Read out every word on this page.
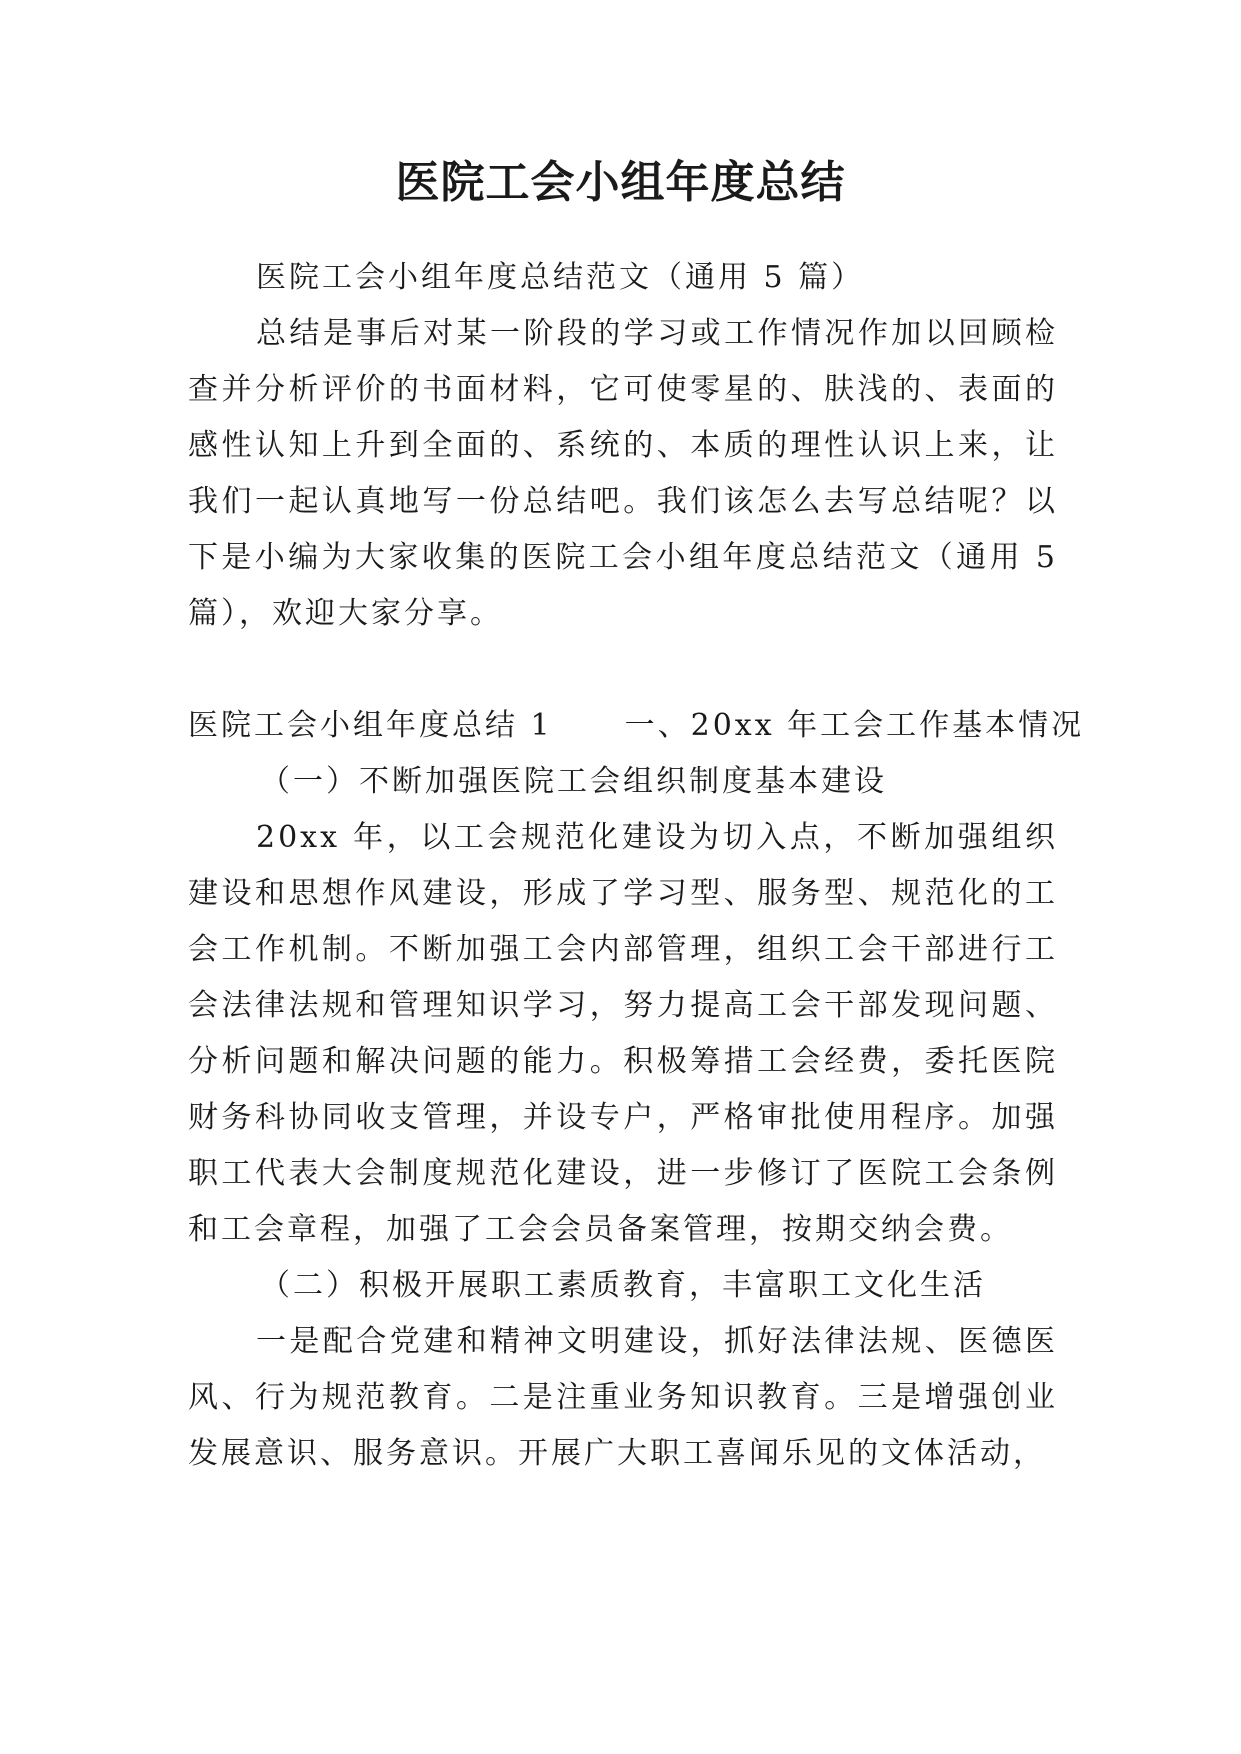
医院工会小组年度总结

医院工会小组年度总结范文（通用 5 篇）

总结是事后对某一阶段的学习或工作情况作加以回顾检查并分析评价的书面材料，它可使零星的、肤浅的、表面的感性认知上升到全面的、系统的、本质的理性认识上来，让我们一起认真地写一份总结吧。我们该怎么去写总结呢？以下是小编为大家收集的医院工会小组年度总结范文（通用 5 篇），欢迎大家分享。

医院工会小组年度总结 1 一、20xx 年工会工作基本情况

（一）不断加强医院工会组织制度基本建设

20xx 年，以工会规范化建设为切入点，不断加强组织建设和思想作风建设，形成了学习型、服务型、规范化的工会工作机制。不断加强工会内部管理，组织工会干部进行工会法律法规和管理知识学习，努力提高工会干部发现问题、分析问题和解决问题的能力。积极筹措工会经费，委托医院财务科协同收支管理，并设专户，严格审批使用程序。加强职工代表大会制度规范化建设，进一步修订了医院工会条例和工会章程，加强了工会会员备案管理，按期交纳会费。

（二）积极开展职工素质教育，丰富职工文化生活

一是配合党建和精神文明建设，抓好法律法规、医德医风、行为规范教育。二是注重业务知识教育。三是增强创业发展意识、服务意识。开展广大职工喜闻乐见的文体活动，
